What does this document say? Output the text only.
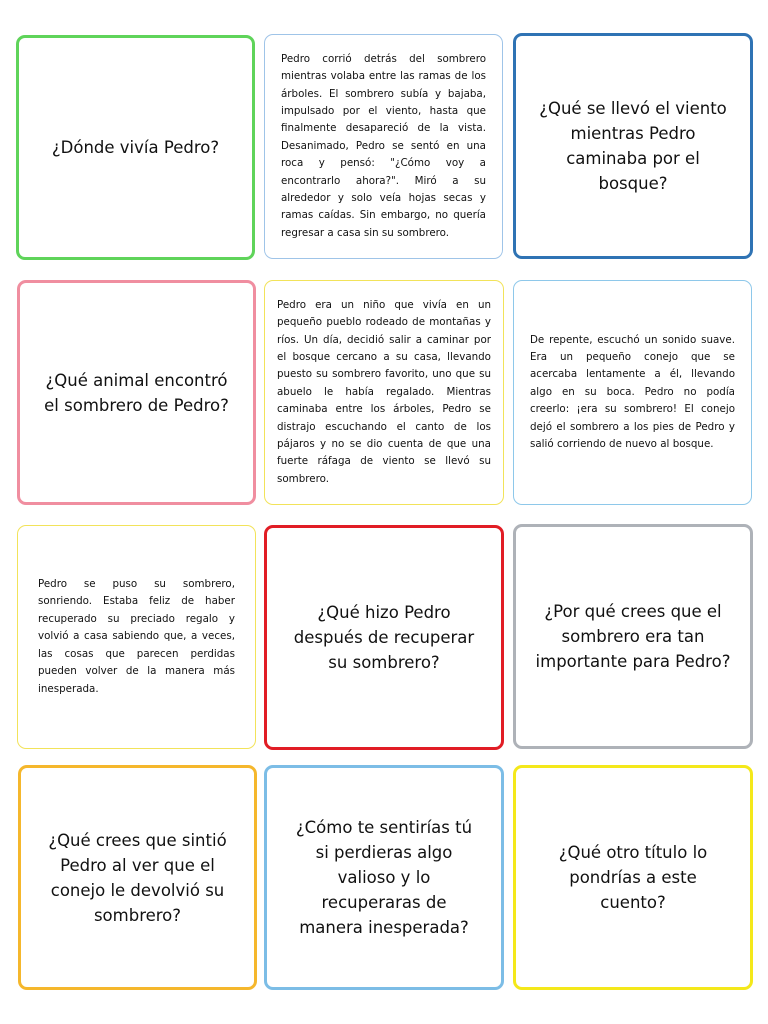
¿Dónde vivía Pedro?
Pedro corrió detrás del sombrero mientras volaba entre las ramas de los árboles. El sombrero subía y bajaba, impulsado por el viento, hasta que finalmente desapareció de la vista. Desanimado, Pedro se sentó en una roca y pensó: "¿Cómo voy a encontrarlo ahora?". Miró a su alrededor y solo veía hojas secas y ramas caídas. Sin embargo, no quería regresar a casa sin su sombrero.
¿Qué se llevó el viento mientras Pedro caminaba por el bosque?
¿Qué animal encontró el sombrero de Pedro?
Pedro era un niño que vivía en un pequeño pueblo rodeado de montañas y ríos. Un día, decidió salir a caminar por el bosque cercano a su casa, llevando puesto su sombrero favorito, uno que su abuelo le había regalado. Mientras caminaba entre los árboles, Pedro se distrajo escuchando el canto de los pájaros y no se dio cuenta de que una fuerte ráfaga de viento se llevó su sombrero.
De repente, escuchó un sonido suave. Era un pequeño conejo que se acercaba lentamente a él, llevando algo en su boca. Pedro no podía creerlo: ¡era su sombrero! El conejo dejó el sombrero a los pies de Pedro y salió corriendo de nuevo al bosque.
Pedro se puso su sombrero, sonriendo. Estaba feliz de haber recuperado su preciado regalo y volvió a casa sabiendo que, a veces, las cosas que parecen perdidas pueden volver de la manera más inesperada.
¿Qué hizo Pedro después de recuperar su sombrero?
¿Por qué crees que el sombrero era tan importante para Pedro?
¿Qué crees que sintió Pedro al ver que el conejo le devolvió su sombrero?
¿Cómo te sentirías tú si perdieras algo valioso y lo recuperaras de manera inesperada?
¿Qué otro título lo pondrías a este cuento?
